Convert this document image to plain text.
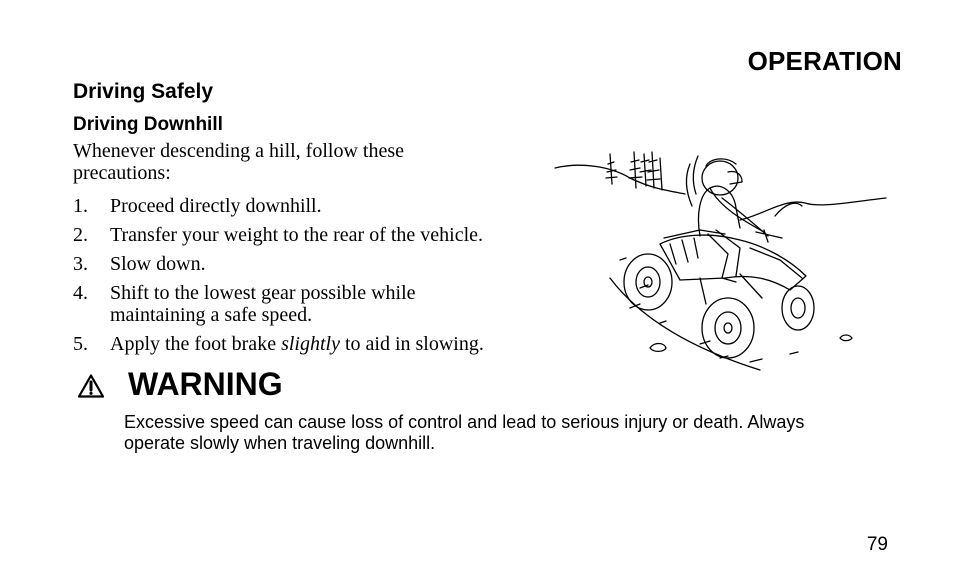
OPERATION
Driving Safely
Driving Downhill
Whenever descending a hill, follow these precautions:
1. Proceed directly downhill.
2. Transfer your weight to the rear of the vehicle.
3. Slow down.
4. Shift to the lowest gear possible while maintaining a safe speed.
5. Apply the foot brake slightly to aid in slowing.
WARNING
Excessive speed can cause loss of control and lead to serious injury or death. Always operate slowly when traveling downhill.
79
